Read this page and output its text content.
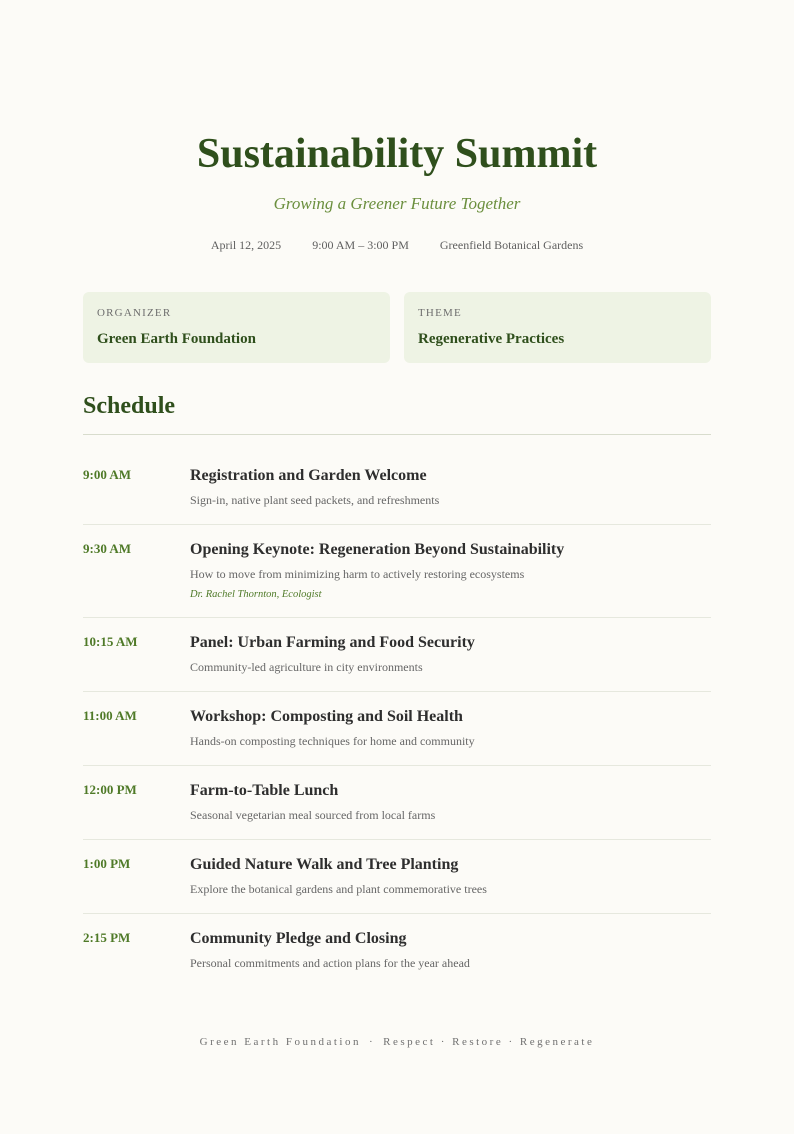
Sustainability Summit
Growing a Greener Future Together
April 12, 2025	9:00 AM – 3:00 PM	Greenfield Botanical Gardens
ORGANIZER
Green Earth Foundation
THEME
Regenerative Practices
Schedule
9:00 AM	Registration and Garden Welcome
Sign-in, native plant seed packets, and refreshments
9:30 AM	Opening Keynote: Regeneration Beyond Sustainability
How to move from minimizing harm to actively restoring ecosystems
Dr. Rachel Thornton, Ecologist
10:15 AM	Panel: Urban Farming and Food Security
Community-led agriculture in city environments
11:00 AM	Workshop: Composting and Soil Health
Hands-on composting techniques for home and community
12:00 PM	Farm-to-Table Lunch
Seasonal vegetarian meal sourced from local farms
1:00 PM	Guided Nature Walk and Tree Planting
Explore the botanical gardens and plant commemorative trees
2:15 PM	Community Pledge and Closing
Personal commitments and action plans for the year ahead
Green Earth Foundation · Respect · Restore · Regenerate
